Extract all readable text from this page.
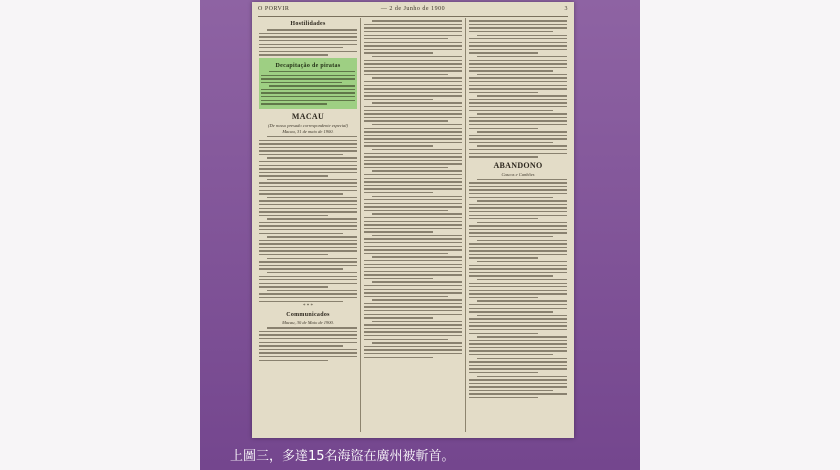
O PORVIR	— 2 de Junho de 1900	3
Hostilidades
Decapitação de piratas
MACAU
(De nosso presado correspondente especial)
Macau, 31 de maio de 1900.
* * *
Communicados
Macau, 30 de Maio de 1900.
ABANDONO
Cascos e Canhões
上圖三，多達15名海盜在廣州被斬首。
